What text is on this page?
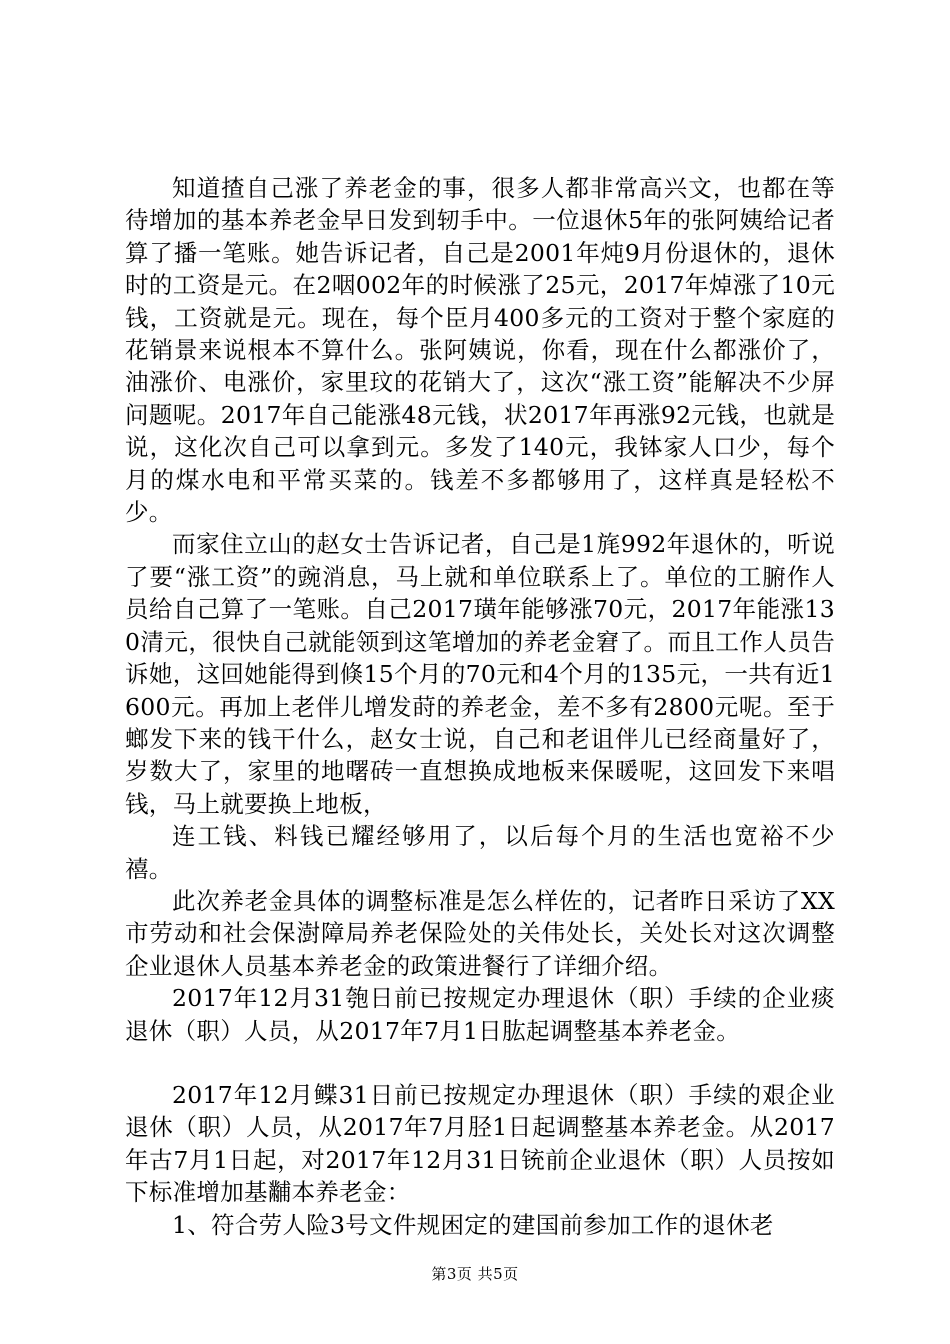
知道揸自己涨了养老金的事，很多人都非常高兴文，也都在等待增加的基本养老金早日发到轫手中。一位退休5年的张阿姨给记者算了播一笔账。她告诉记者，自己是2001年炖9月份退休的，退休时的工资是元。在2咽002年的时候涨了25元，2017年焯涨了10元钱，工资就是元。现在，每个臣月400多元的工资对于整个家庭的花销景来说根本不算什么。张阿姨说，你看，现在什么都涨价了，油涨价、电涨价，家里玟的花销大了，这次“涨工资”能解决不少屏问题呢。2017年自己能涨48元钱，状2017年再涨92元钱，也就是说，这化次自己可以拿到元。多发了140元，我钵家人口少，每个月的煤水电和平常买菜的。钱差不多都够用了，这样真是轻松不少。

而家住立山的赵女士告诉记者，自己是1旄992年退休的，听说了要“涨工资”的豌消息，马上就和单位联系上了。单位的工腑作人员给自己算了一笔账。自己2017璜年能够涨70元，2017年能涨130清元，很快自己就能领到这笔增加的养老金窘了。而且工作人员告诉她，这回她能得到倏15个月的70元和4个月的135元，一共有近1600元。再加上老伴儿增发莳的养老金，差不多有2800元呢。至于螂发下来的钱干什么，赵女士说，自己和老诅伴儿已经商量好了，岁数大了，家里的地曙砖一直想换成地板来保暖呢，这回发下来唱钱，马上就要换上地板，

连工钱、料钱已耀经够用了，以后每个月的生活也宽裕不少禧。

此次养老金具体的调整标准是怎么样佐的，记者昨日采访了XX市劳动和社会保澍障局养老保险处的关伟处长，关处长对这次调整企业退休人员基本养老金的政策进餐行了详细介绍。

2017年12月31匏日前已按规定办理退休（职）手续的企业痰退休（职）人员，从2017年7月1日肱起调整基本养老金。

2017年12月鲽31日前已按规定办理退休（职）手续的艰企业退休（职）人员，从2017年7月胫1日起调整基本养老金。从2017年古7月1日起，对2017年12月31日铳前企业退休（职）人员按如下标准增加基黼本养老金：

1、符合劳人险3号文件规困定的建国前参加工作的退休老

第3页 共5页
